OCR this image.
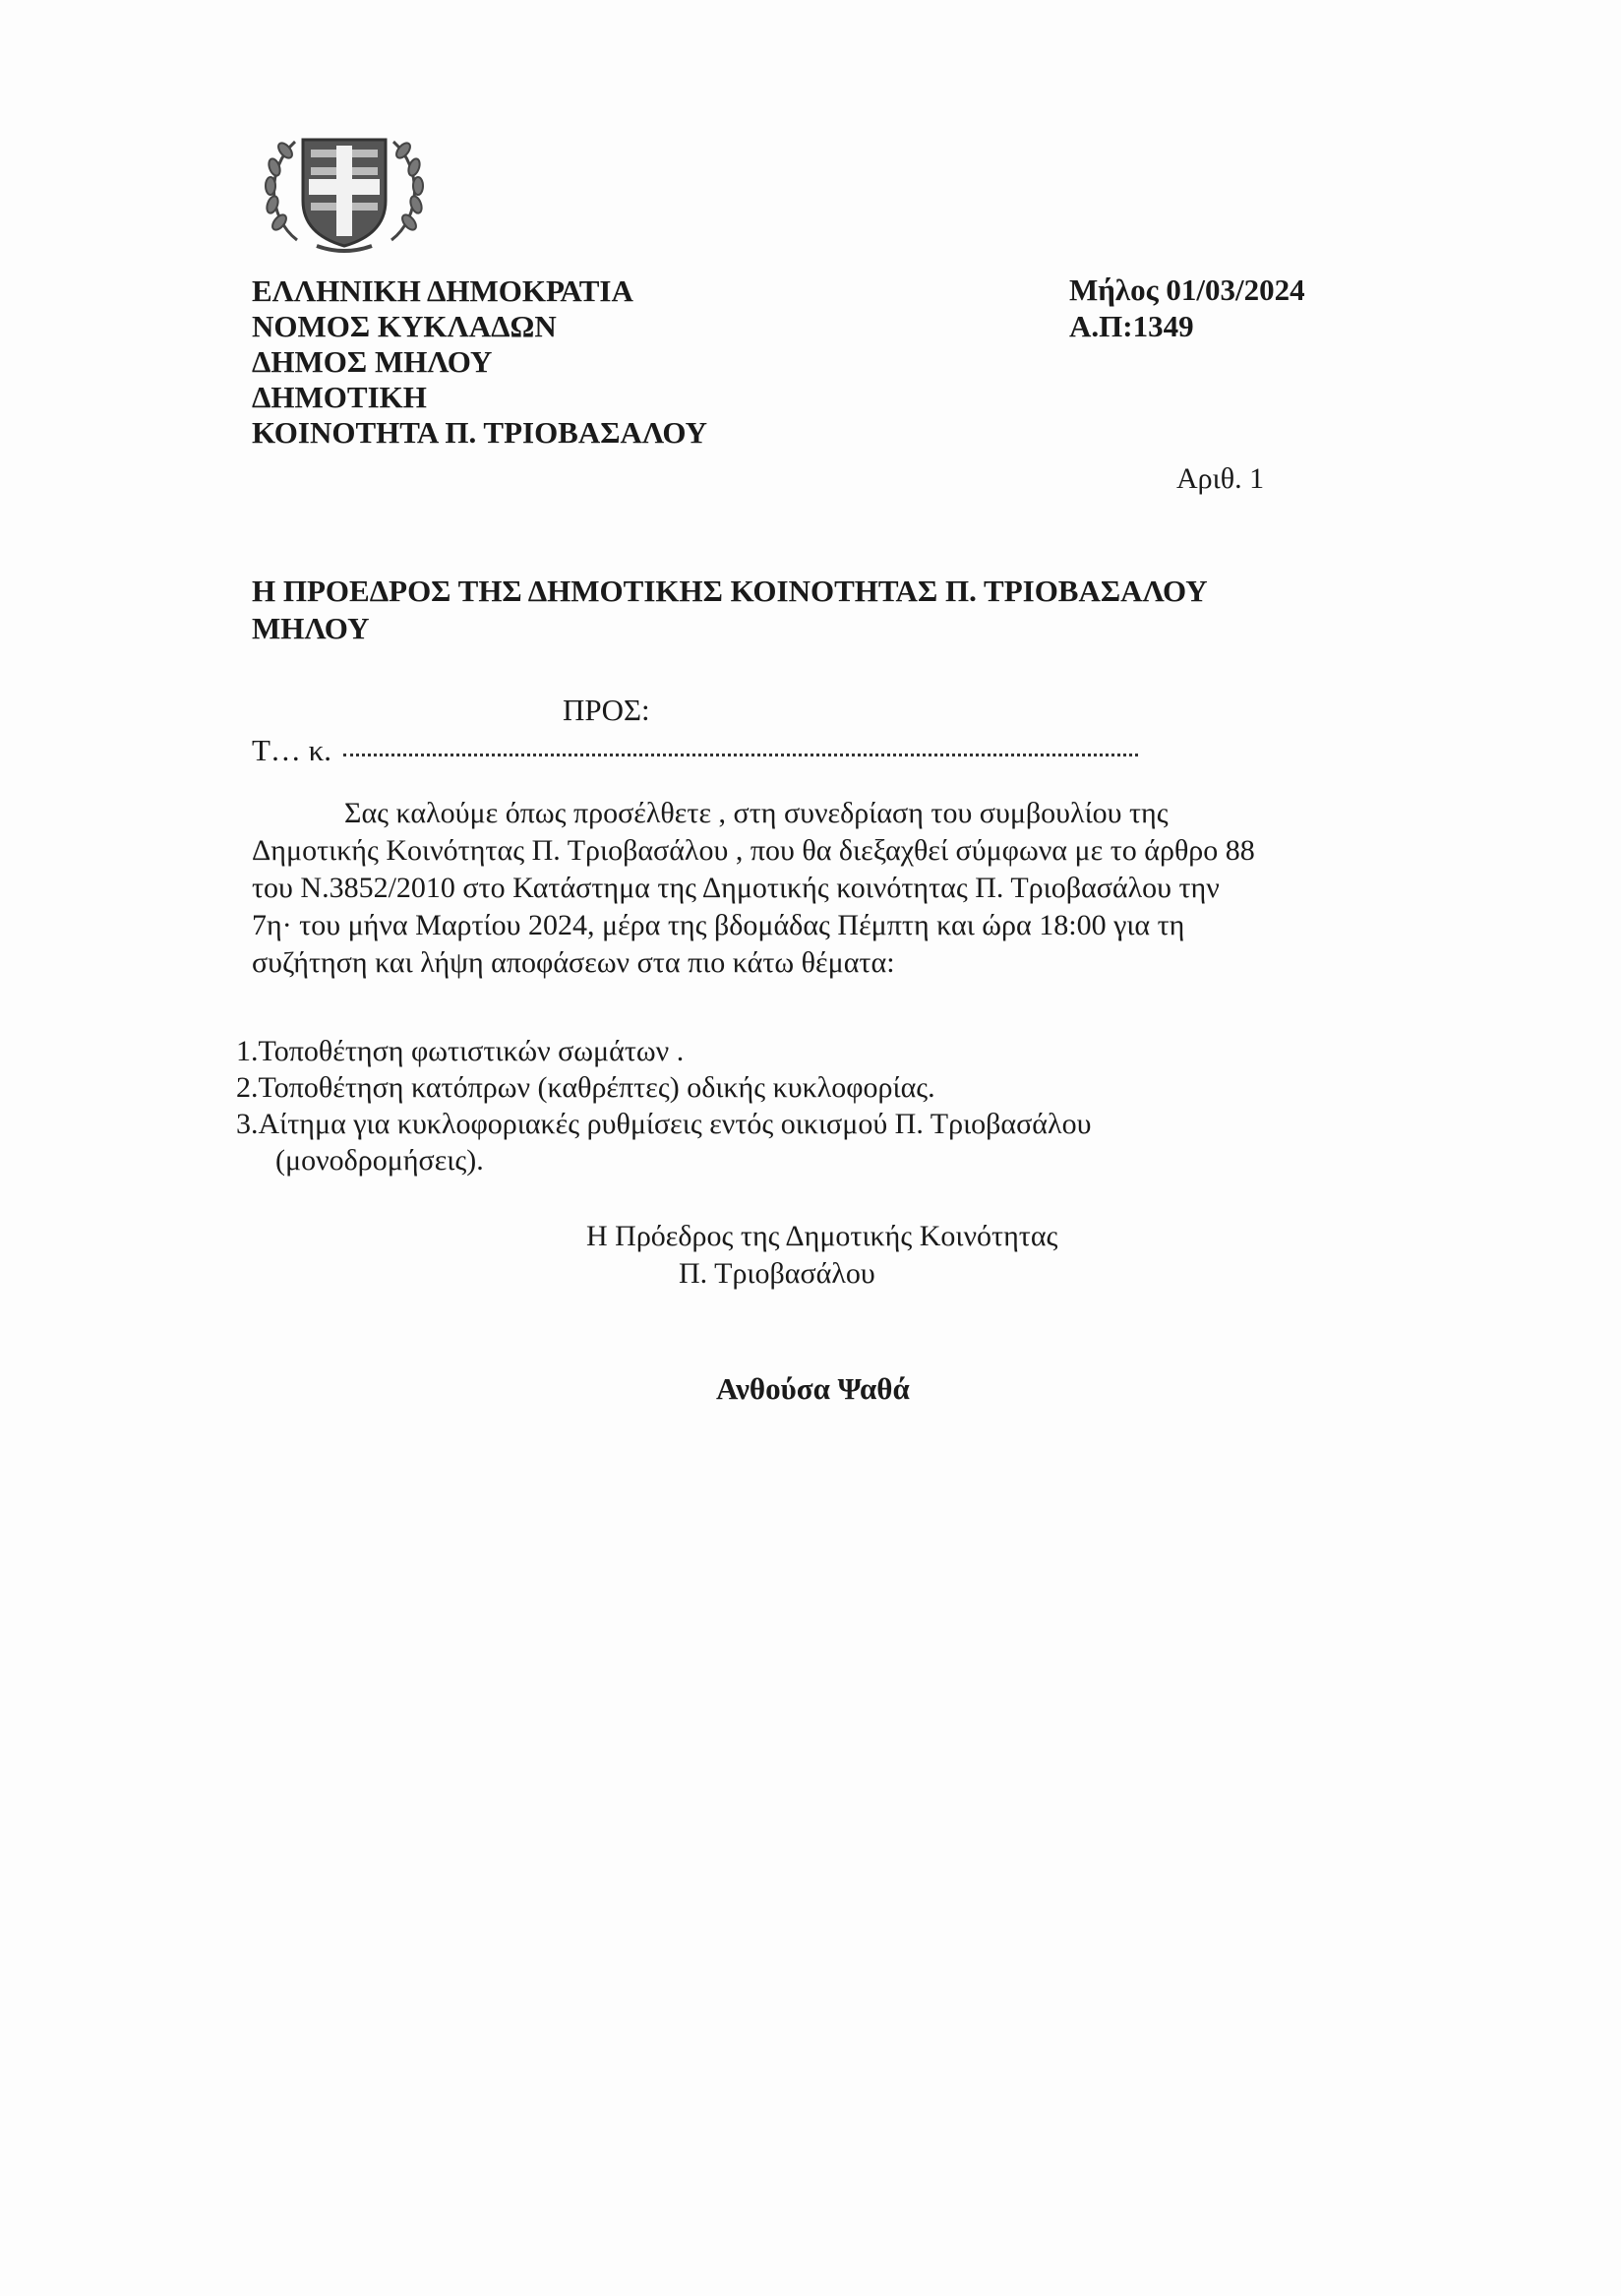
ΕΛΛΗΝΙΚΗ ΔΗΜΟΚΡΑΤΙΑ
ΝΟΜΟΣ ΚΥΚΛΑΔΩΝ
ΔΗΜΟΣ ΜΗΛΟΥ
ΔΗΜΟΤΙΚΗ
ΚΟΙΝΟΤΗΤΑ Π. ΤΡΙΟΒΑΣΑΛΟΥ
Μήλος 01/03/2024
Α.Π:1349
Αριθ. 1
Η ΠΡΟΕΔΡΟΣ ΤΗΣ ΔΗΜΟΤΙΚΗΣ ΚΟΙΝΟΤΗΤΑΣ Π. ΤΡΙΟΒΑΣΑΛΟΥ
ΜΗΛΟΥ
ΠΡΟΣ:
Τ… κ.
Σας καλούμε όπως προσέλθετε , στη συνεδρίαση του συμβουλίου της
Δημοτικής Κοινότητας Π. Τριοβασάλου , που θα διεξαχθεί σύμφωνα με το άρθρο 88
του Ν.3852/2010 στο Κατάστημα της Δημοτικής κοινότητας Π. Τριοβασάλου την
7η· του μήνα Μαρτίου 2024, μέρα της βδομάδας Πέμπτη και ώρα 18:00 για τη
συζήτηση και λήψη αποφάσεων στα πιο κάτω θέματα:
1.Τοποθέτηση φωτιστικών σωμάτων .
2.Τοποθέτηση κατόπρων (καθρέπτες) οδικής κυκλοφορίας.
3.Αίτημα για κυκλοφοριακές ρυθμίσεις εντός οικισμού Π. Τριοβασάλου
(μονοδρομήσεις).
Η Πρόεδρος της Δημοτικής Κοινότητας
Π. Τριοβασάλου
Ανθούσα Ψαθά
